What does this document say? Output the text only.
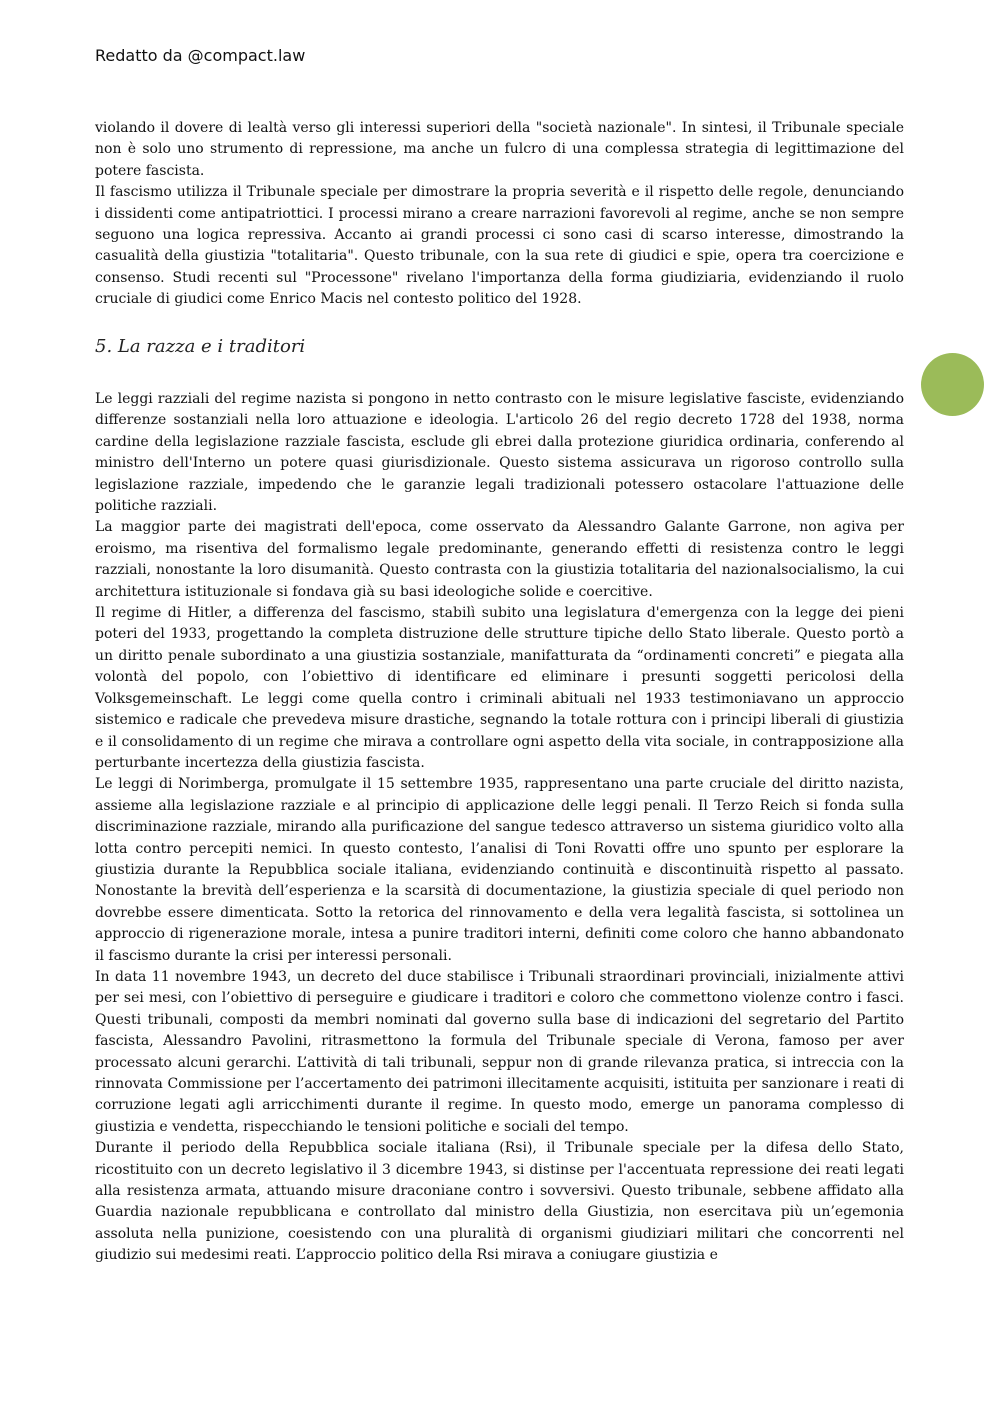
Redatto da @compact.law

violando il dovere di lealtà verso gli interessi superiori della "società nazionale". In sintesi, il Tribunale speciale non è solo uno strumento di repressione, ma anche un fulcro di una complessa strategia di legittimazione del potere fascista.

Il fascismo utilizza il Tribunale speciale per dimostrare la propria severità e il rispetto delle regole, denunciando i dissidenti come antipatriottici. I processi mirano a creare narrazioni favorevoli al regime, anche se non sempre seguono una logica repressiva. Accanto ai grandi processi ci sono casi di scarso interesse, dimostrando la casualità della giustizia "totalitaria". Questo tribunale, con la sua rete di giudici e spie, opera tra coercizione e consenso. Studi recenti sul "Processone" rivelano l'importanza della forma giudiziaria, evidenziando il ruolo cruciale di giudici come Enrico Macis nel contesto politico del 1928.

5. La razza e i traditori

Le leggi razziali del regime nazista si pongono in netto contrasto con le misure legislative fasciste, evidenziando differenze sostanziali nella loro attuazione e ideologia. L'articolo 26 del regio decreto 1728 del 1938, norma cardine della legislazione razziale fascista, esclude gli ebrei dalla protezione giuridica ordinaria, conferendo al ministro dell'Interno un potere quasi giurisdizionale. Questo sistema assicurava un rigoroso controllo sulla legislazione razziale, impedendo che le garanzie legali tradizionali potessero ostacolare l'attuazione delle politiche razziali.

La maggior parte dei magistrati dell'epoca, come osservato da Alessandro Galante Garrone, non agiva per eroismo, ma risentiva del formalismo legale predominante, generando effetti di resistenza contro le leggi razziali, nonostante la loro disumanità. Questo contrasta con la giustizia totalitaria del nazionalsocialismo, la cui architettura istituzionale si fondava già su basi ideologiche solide e coercitive.

Il regime di Hitler, a differenza del fascismo, stabilì subito una legislatura d'emergenza con la legge dei pieni poteri del 1933, progettando la completa distruzione delle strutture tipiche dello Stato liberale. Questo portò a un diritto penale subordinato a una giustizia sostanziale, manifatturata da “ordinamenti concreti” e piegata alla volontà del popolo, con l’obiettivo di identificare ed eliminare i presunti soggetti pericolosi della Volksgemeinschaft. Le leggi come quella contro i criminali abituali nel 1933 testimoniavano un approccio sistemico e radicale che prevedeva misure drastiche, segnando la totale rottura con i principi liberali di giustizia e il consolidamento di un regime che mirava a controllare ogni aspetto della vita sociale, in contrapposizione alla perturbante incertezza della giustizia fascista.

Le leggi di Norimberga, promulgate il 15 settembre 1935, rappresentano una parte cruciale del diritto nazista, assieme alla legislazione razziale e al principio di applicazione delle leggi penali. Il Terzo Reich si fonda sulla discriminazione razziale, mirando alla purificazione del sangue tedesco attraverso un sistema giuridico volto alla lotta contro percepiti nemici. In questo contesto, l’analisi di Toni Rovatti offre uno spunto per esplorare la giustizia durante la Repubblica sociale italiana, evidenziando continuità e discontinuità rispetto al passato. Nonostante la brevità dell’esperienza e la scarsità di documentazione, la giustizia speciale di quel periodo non dovrebbe essere dimenticata. Sotto la retorica del rinnovamento e della vera legalità fascista, si sottolinea un approccio di rigenerazione morale, intesa a punire traditori interni, definiti come coloro che hanno abbandonato il fascismo durante la crisi per interessi personali.

In data 11 novembre 1943, un decreto del duce stabilisce i Tribunali straordinari provinciali, inizialmente attivi per sei mesi, con l’obiettivo di perseguire e giudicare i traditori e coloro che commettono violenze contro i fasci. Questi tribunali, composti da membri nominati dal governo sulla base di indicazioni del segretario del Partito fascista, Alessandro Pavolini, ritrasmettono la formula del Tribunale speciale di Verona, famoso per aver processato alcuni gerarchi. L’attività di tali tribunali, seppur non di grande rilevanza pratica, si intreccia con la rinnovata Commissione per l’accertamento dei patrimoni illecitamente acquisiti, istituita per sanzionare i reati di corruzione legati agli arricchimenti durante il regime. In questo modo, emerge un panorama complesso di giustizia e vendetta, rispecchiando le tensioni politiche e sociali del tempo.

Durante il periodo della Repubblica sociale italiana (Rsi), il Tribunale speciale per la difesa dello Stato, ricostituito con un decreto legislativo il 3 dicembre 1943, si distinse per l'accentuata repressione dei reati legati alla resistenza armata, attuando misure draconiane contro i sovversivi. Questo tribunale, sebbene affidato alla Guardia nazionale repubblicana e controllato dal ministro della Giustizia, non esercitava più un’egemonia assoluta nella punizione, coesistendo con una pluralità di organismi giudiziari militari che concorrenti nel giudizio sui medesimi reati. L’approccio politico della Rsi mirava a coniugare giustizia e
